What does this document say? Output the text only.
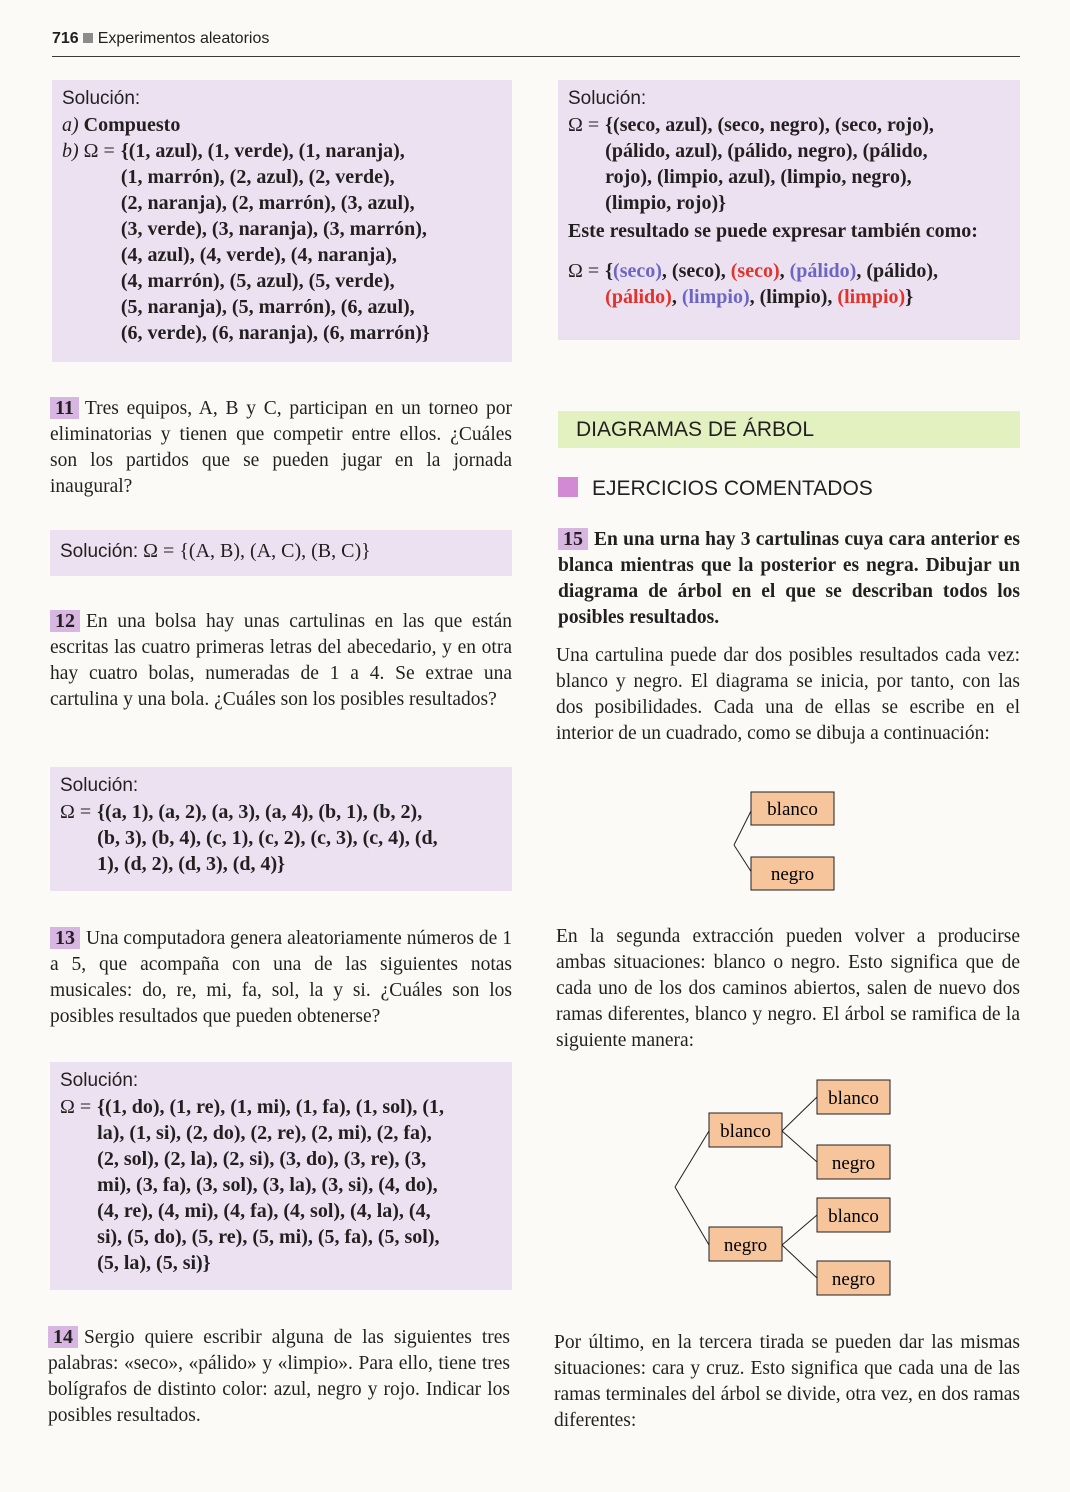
716 Experimentos aleatorios
Solución:
a) Compuesto
b) Ω = {(1, azul), (1, verde), (1, naranja),
(1, marrón), (2, azul), (2, verde),
(2, naranja), (2, marrón), (3, azul),
(3, verde), (3, naranja), (3, marrón),
(4, azul), (4, verde), (4, naranja),
(4, marrón), (5, azul), (5, verde),
(5, naranja), (5, marrón), (6, azul),
(6, verde), (6, naranja), (6, marrón)}
11 Tres equipos, A, B y C, participan en un torneo por eliminatorias y tienen que competir entre ellos. ¿Cuáles son los partidos que se pueden jugar en la jornada inaugural?
Solución: Ω = {(A, B), (A, C), (B, C)}
12 En una bolsa hay unas cartulinas en las que están escritas las cuatro primeras letras del abecedario, y en otra hay cuatro bolas, numeradas de 1 a 4. Se extrae una cartulina y una bola. ¿Cuáles son los posibles resultados?
Solución:
Ω = {(a, 1), (a, 2), (a, 3), (a, 4), (b, 1), (b, 2),
(b, 3), (b, 4), (c, 1), (c, 2), (c, 3), (c, 4), (d,
1), (d, 2), (d, 3), (d, 4)}
13 Una computadora genera aleatoriamente números de 1 a 5, que acompaña con una de las siguientes notas musicales: do, re, mi, fa, sol, la y si. ¿Cuáles son los posibles resultados que pueden obtenerse?
Solución:
Ω = {(1, do), (1, re), (1, mi), (1, fa), (1, sol), (1,
la), (1, si), (2, do), (2, re), (2, mi), (2, fa),
(2, sol), (2, la), (2, si), (3, do), (3, re), (3,
mi), (3, fa), (3, sol), (3, la), (3, si), (4, do),
(4, re), (4, mi), (4, fa), (4, sol), (4, la), (4,
si), (5, do), (5, re), (5, mi), (5, fa), (5, sol),
(5, la), (5, si)}
14 Sergio quiere escribir alguna de las siguientes tres palabras: «seco», «pálido» y «limpio». Para ello, tiene tres bolígrafos de distinto color: azul, negro y rojo. Indicar los posibles resultados.
Solución:
Ω = {(seco, azul), (seco, negro), (seco, rojo),
(pálido, azul), (pálido, negro), (pálido,
rojo), (limpio, azul), (limpio, negro),
(limpio, rojo)}
Este resultado se puede expresar también como:
Ω = {(seco), (seco), (seco), (pálido), (pálido),
(pálido), (limpio), (limpio), (limpio)}
DIAGRAMAS DE ÁRBOL
EJERCICIOS COMENTADOS
15 En una urna hay 3 cartulinas cuya cara anterior es blanca mientras que la posterior es negra. Dibujar un diagrama de árbol en el que se describan todos los posibles resultados.
Una cartulina puede dar dos posibles resultados cada vez: blanco y negro. El diagrama se inicia, por tanto, con las dos posibilidades. Cada una de ellas se escribe en el interior de un cuadrado, como se dibuja a continuación:
blanco
negro
En la segunda extracción pueden volver a producirse ambas situaciones: blanco o negro. Esto significa que de cada uno de los dos caminos abiertos, salen de nuevo dos ramas diferentes, blanco y negro. El árbol se ramifica de la siguiente manera:
blanco
negro
blanco
negro
blanco
negro
Por último, en la tercera tirada se pueden dar las mismas situaciones: cara y cruz. Esto significa que cada una de las ramas terminales del árbol se divide, otra vez, en dos ramas diferentes:
